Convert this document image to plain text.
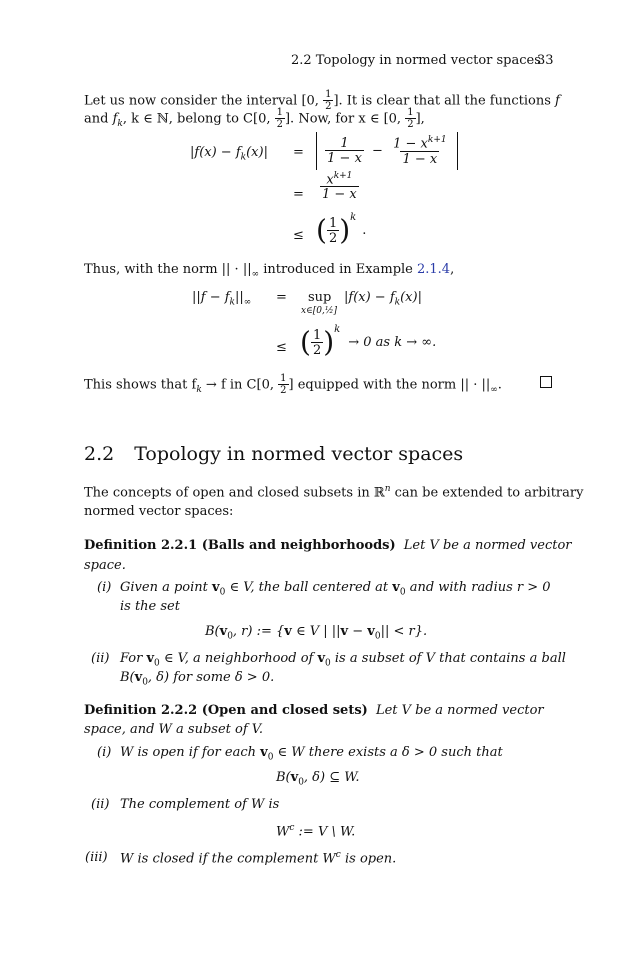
2.2 Topology in normed vector spaces
33
Let us now consider the interval [0, $\frac{1}{2}$ ]. It is clear that all the functions f
and $f_k$, k ∈ ℕ, belong to C[0, $\frac{1}{2}$ ]. Now, for x ∈ [0, $\frac{1}{2}$ ],
$|f(x) - f_k(x)|$ =
$\frac{1}{1 - x} - \frac{1 - x^{k+1}}{1 - x}$

= $\frac{x^{k+1}}{1 - x}$
≤ ( $\frac{1}{2} )^k$.
Thus, with the norm || · $||_\infty$ introduced in Example 2.1.4,
$||f - f_k||_\infty$ = sup
x∈[0,½]
$|f(x) - f_k(x)|$
≤ ( $\frac{1}{2} )^k\to 0$ as k → ∞.
This shows that $f_k \to f$ in C[0, $\frac{1}{2}$ ] equipped with the norm || · $||_\infty$.
2.2 Topology in normed vector spaces
The concepts of open and closed subsets in ℝ$^n$ can be extended to arbitrary
normed vector spaces:
Definition 2.2.1 (Balls and neighborhoods) Let V be a normed vector
space.
(i) Given a point $v_0$ ∈ V, the ball centered at $v_0$ and with radius r > 0
is the set
$B(v_0$, r) := {v ∈ V | $||v - v_0|| < r$}.
(ii) For $v_0$ ∈ V, a neighborhood of $v_0$ is a subset of V that contains a ball
$B(v_0$, δ) for some δ > 0.
Definition 2.2.2 (Open and closed sets) Let V be a normed vector
space, and W a subset of V.
(i) W is open if for each $v_0$ ∈ W there exists a δ > 0 such that
$B(v_0$, δ) ⊆ W.
(ii) The complement of W is
$W^c$ := V \ W.
(iii) W is closed if the complement $W^c$ is open.
